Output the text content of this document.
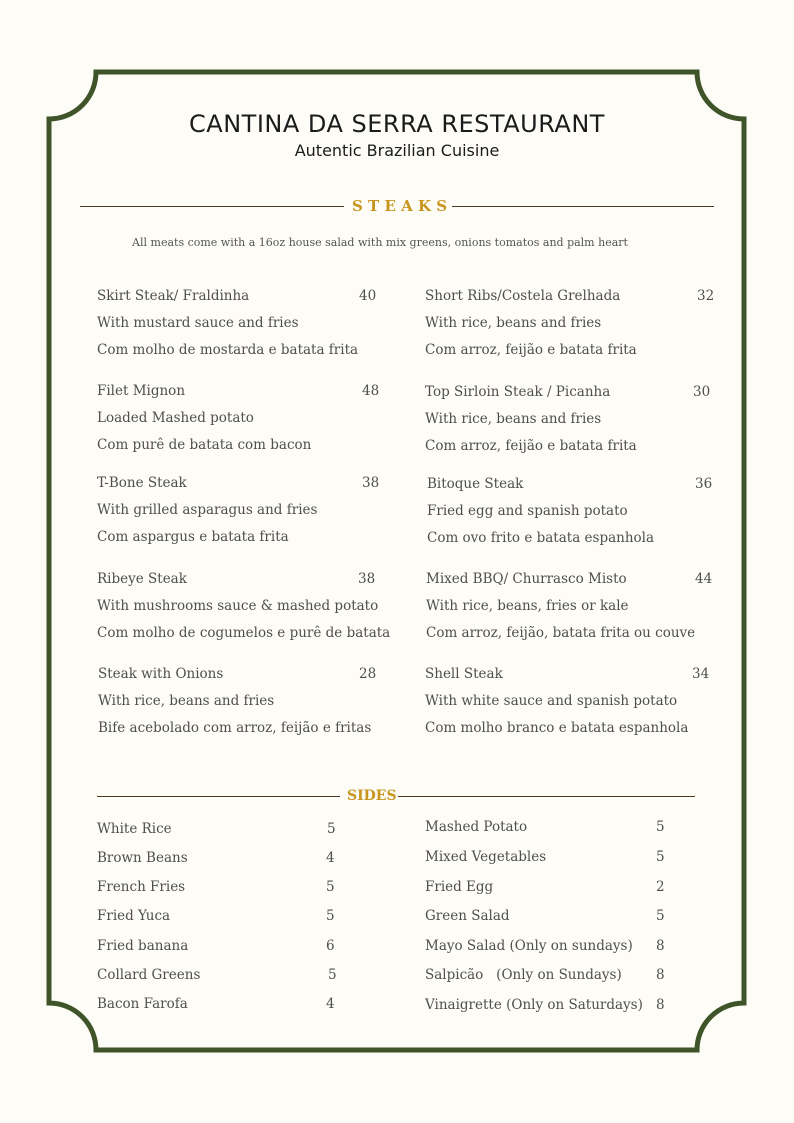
CANTINA DA SERRA RESTAURANT
Autentic Brazilian Cuisine
S T E A K S
All meats come with a 16oz house salad with mix greens, onions tomatos and palm heart
Skirt Steak/ Fraldinha	40
With mustard sauce and fries
Com molho de mostarda e batata frita
Short Ribs/Costela Grelhada	32
With rice, beans and fries
Com arroz, feijão e batata frita
Filet Mignon	48
Loaded Mashed potato
Com purê de batata com bacon
Top Sirloin Steak / Picanha	30
With rice, beans and fries
Com arroz, feijão e batata frita
T-Bone Steak	38
With grilled asparagus and fries
Com aspargus e batata frita
Bitoque Steak	36
Fried egg and spanish potato
Com ovo frito e batata espanhola
Ribeye Steak	38
With mushrooms sauce & mashed potato
Com molho de cogumelos e purê de batata
Mixed BBQ/ Churrasco Misto	44
With rice, beans, fries or kale
Com arroz, feijão, batata frita ou couve
Steak with Onions	28
With rice, beans and fries
Bife acebolado com arroz, feijão e fritas
Shell Steak	34
With white sauce and spanish potato
Com molho branco e batata espanhola
SIDES
White Rice	5
Brown Beans	4
French Fries	5
Fried Yuca	5
Fried banana	6
Collard Greens	5
Bacon Farofa	4
Mashed Potato	5
Mixed Vegetables	5
Fried Egg	2
Green Salad	5
Mayo Salad (Only on sundays) 8
Salpicão   (Only on Sundays)	8
Vinaigrette (Only on Saturdays) 8
